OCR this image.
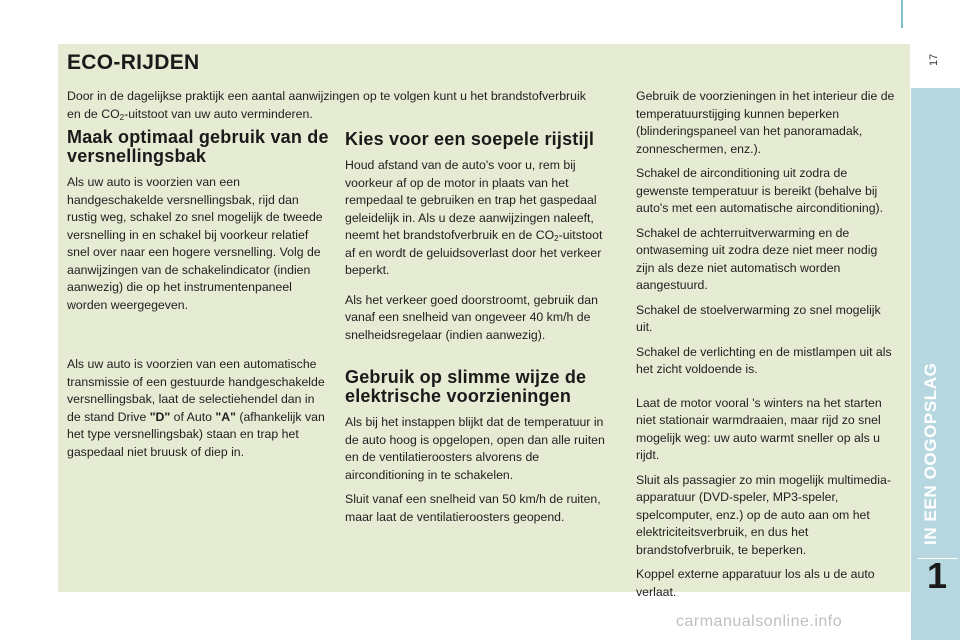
ECO-RIJDEN
Door in de dagelijkse praktijk een aantal aanwijzingen op te volgen kunt u het brandstofverbruik en de $CO_2$-uitstoot van uw auto verminderen.
Maak optimaal gebruik van de versnellingsbak

Als uw auto is voorzien van een handgeschakelde versnellingsbak, rijd dan rustig weg, schakel zo snel mogelijk de tweede versnelling in en schakel bij voorkeur relatief snel over naar een hogere versnelling. Volg de aanwijzingen van de schakelindicator (indien aanwezig) die op het instrumentenpaneel worden weergegeven.

Als uw auto is voorzien van een automatische transmissie of een gestuurde handgeschakelde versnellingsbak, laat de selectiehendel dan in de stand Drive "D" of Auto "A" (afhankelijk van het type versnellingsbak) staan en trap het gaspedaal niet bruusk of diep in.

Kies voor een soepele rijstijl

Houd afstand van de auto's voor u, rem bij voorkeur af op de motor in plaats van het rempedaal te gebruiken en trap het gaspedaal geleidelijk in. Als u deze aanwijzingen naleeft, neemt het brandstofverbruik en de $CO_2$-uitstoot af en wordt de geluidsoverlast door het verkeer beperkt.

Als het verkeer goed doorstroomt, gebruik dan vanaf een snelheid van ongeveer 40 km/h de snelheidsregelaar (indien aanwezig).

Gebruik op slimme wijze de elektrische voorzieningen

Als bij het instappen blijkt dat de temperatuur in de auto hoog is opgelopen, open dan alle ruiten en de ventilatieroosters alvorens de airconditioning in te schakelen.

Sluit vanaf een snelheid van 50 km/h de ruiten, maar laat de ventilatieroosters geopend.

Gebruik de voorzieningen in het interieur die de temperatuurstijging kunnen beperken (blinderingspaneel van het panoramadak, zonneschermen, enz.).

Schakel de airconditioning uit zodra de gewenste temperatuur is bereikt (behalve bij auto's met een automatische airconditioning).

Schakel de achterruitverwarming en de ontwaseming uit zodra deze niet meer nodig zijn als deze niet automatisch worden aangestuurd.

Schakel de stoelverwarming zo snel mogelijk uit.

Schakel de verlichting en de mistlampen uit als het zicht voldoende is.

Laat de motor vooral 's winters na het starten niet stationair warmdraaien, maar rijd zo snel mogelijk weg: uw auto warmt sneller op als u rijdt.

Sluit als passagier zo min mogelijk multimedia-apparatuur (DVD-speler, MP3-speler, spelcomputer, enz.) op de auto aan om het elektriciteitsverbruik, en dus het brandstofverbruik, te beperken.

Koppel externe apparatuur los als u de auto verlaat.

17
IN EEN OOGOPSLAG
1
carmanualsonline.info
